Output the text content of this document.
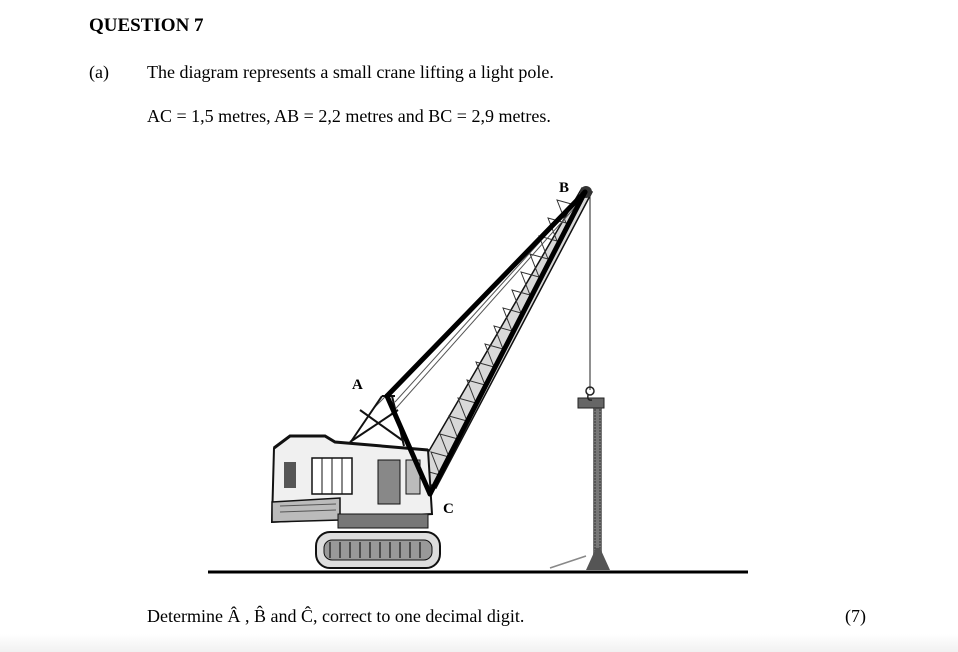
QUESTION 7
(a) The diagram represents a small crane lifting a light pole.
AC = 1,5 metres, AB = 2,2 metres and BC = 2,9 metres.
A
B
C
Determine Â , B̂ and Ĉ, correct to one decimal digit.	(7)
